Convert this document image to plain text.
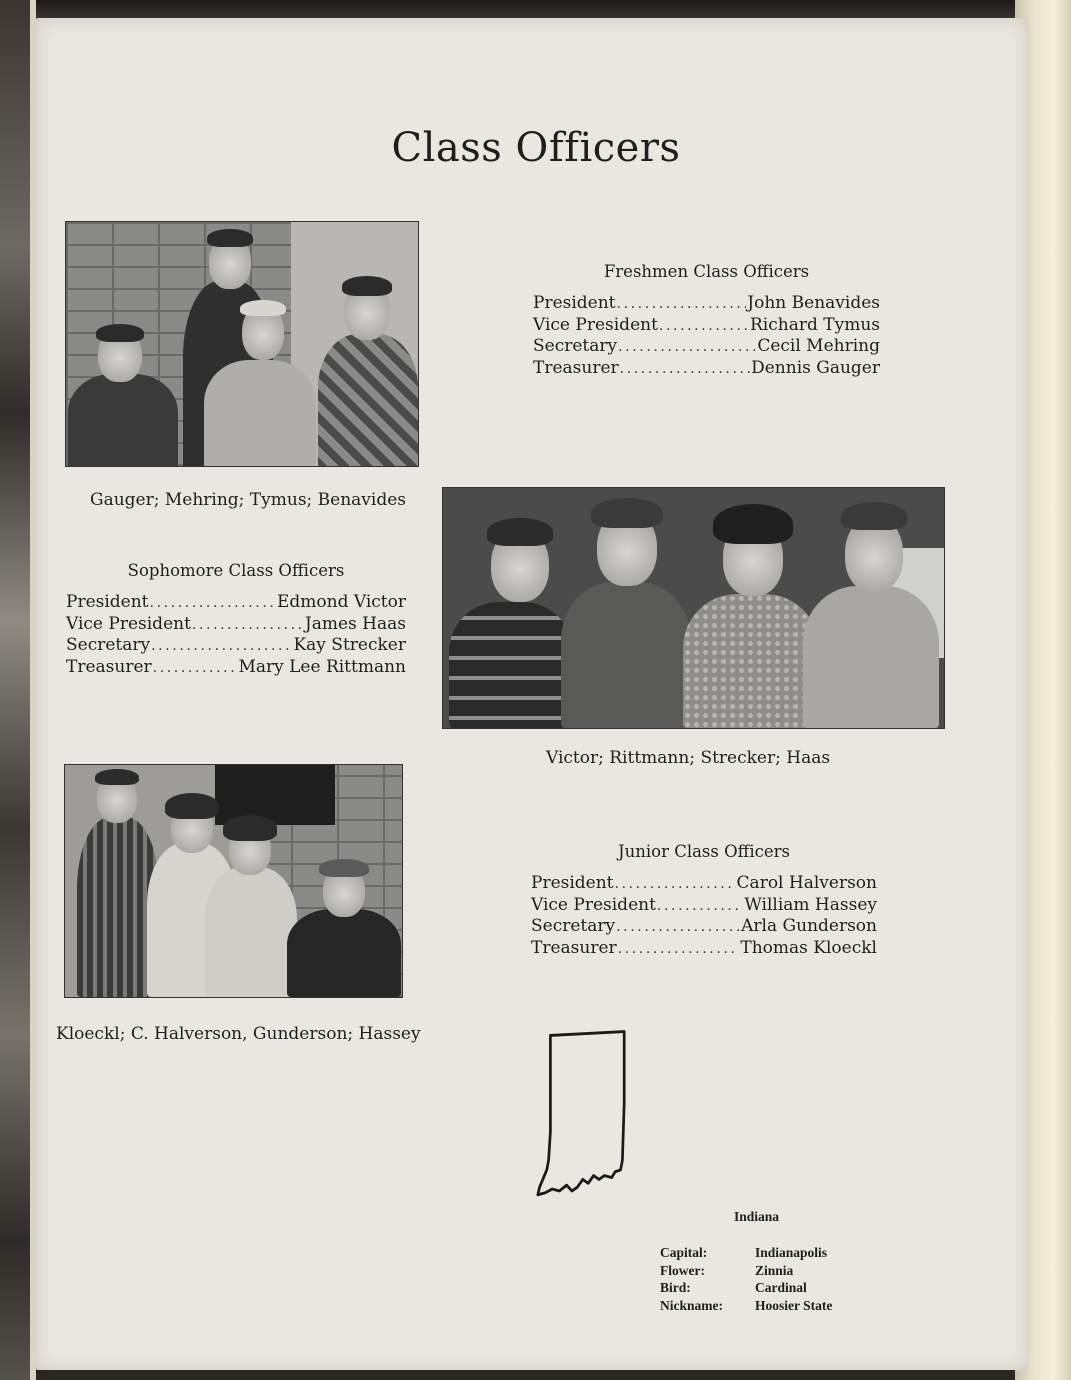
Class Officers
Gauger; Mehring; Tymus; Benavides
Freshmen Class Officers
President .....	John Benavides
Vice President .....	Richard Tymus
Secretary .....	Cecil Mehring
Treasurer .....	Dennis Gauger
Victor; Rittmann; Strecker; Haas
Sophomore Class Officers
President .....	Edmond Victor
Vice President .....	James Haas
Secretary .....	Kay Strecker
Treasurer .....	Mary Lee Rittmann
Kloeckl; C. Halverson, Gunderson; Hassey
Junior Class Officers
President .....	Carol Halverson
Vice President .....	William Hassey
Secretary .....	Arla Gunderson
Treasurer .....	Thomas Kloeckl
Indiana
Capital:	Indianapolis
Flower:	Zinnia
Bird:	Cardinal
Nickname:	Hoosier State
